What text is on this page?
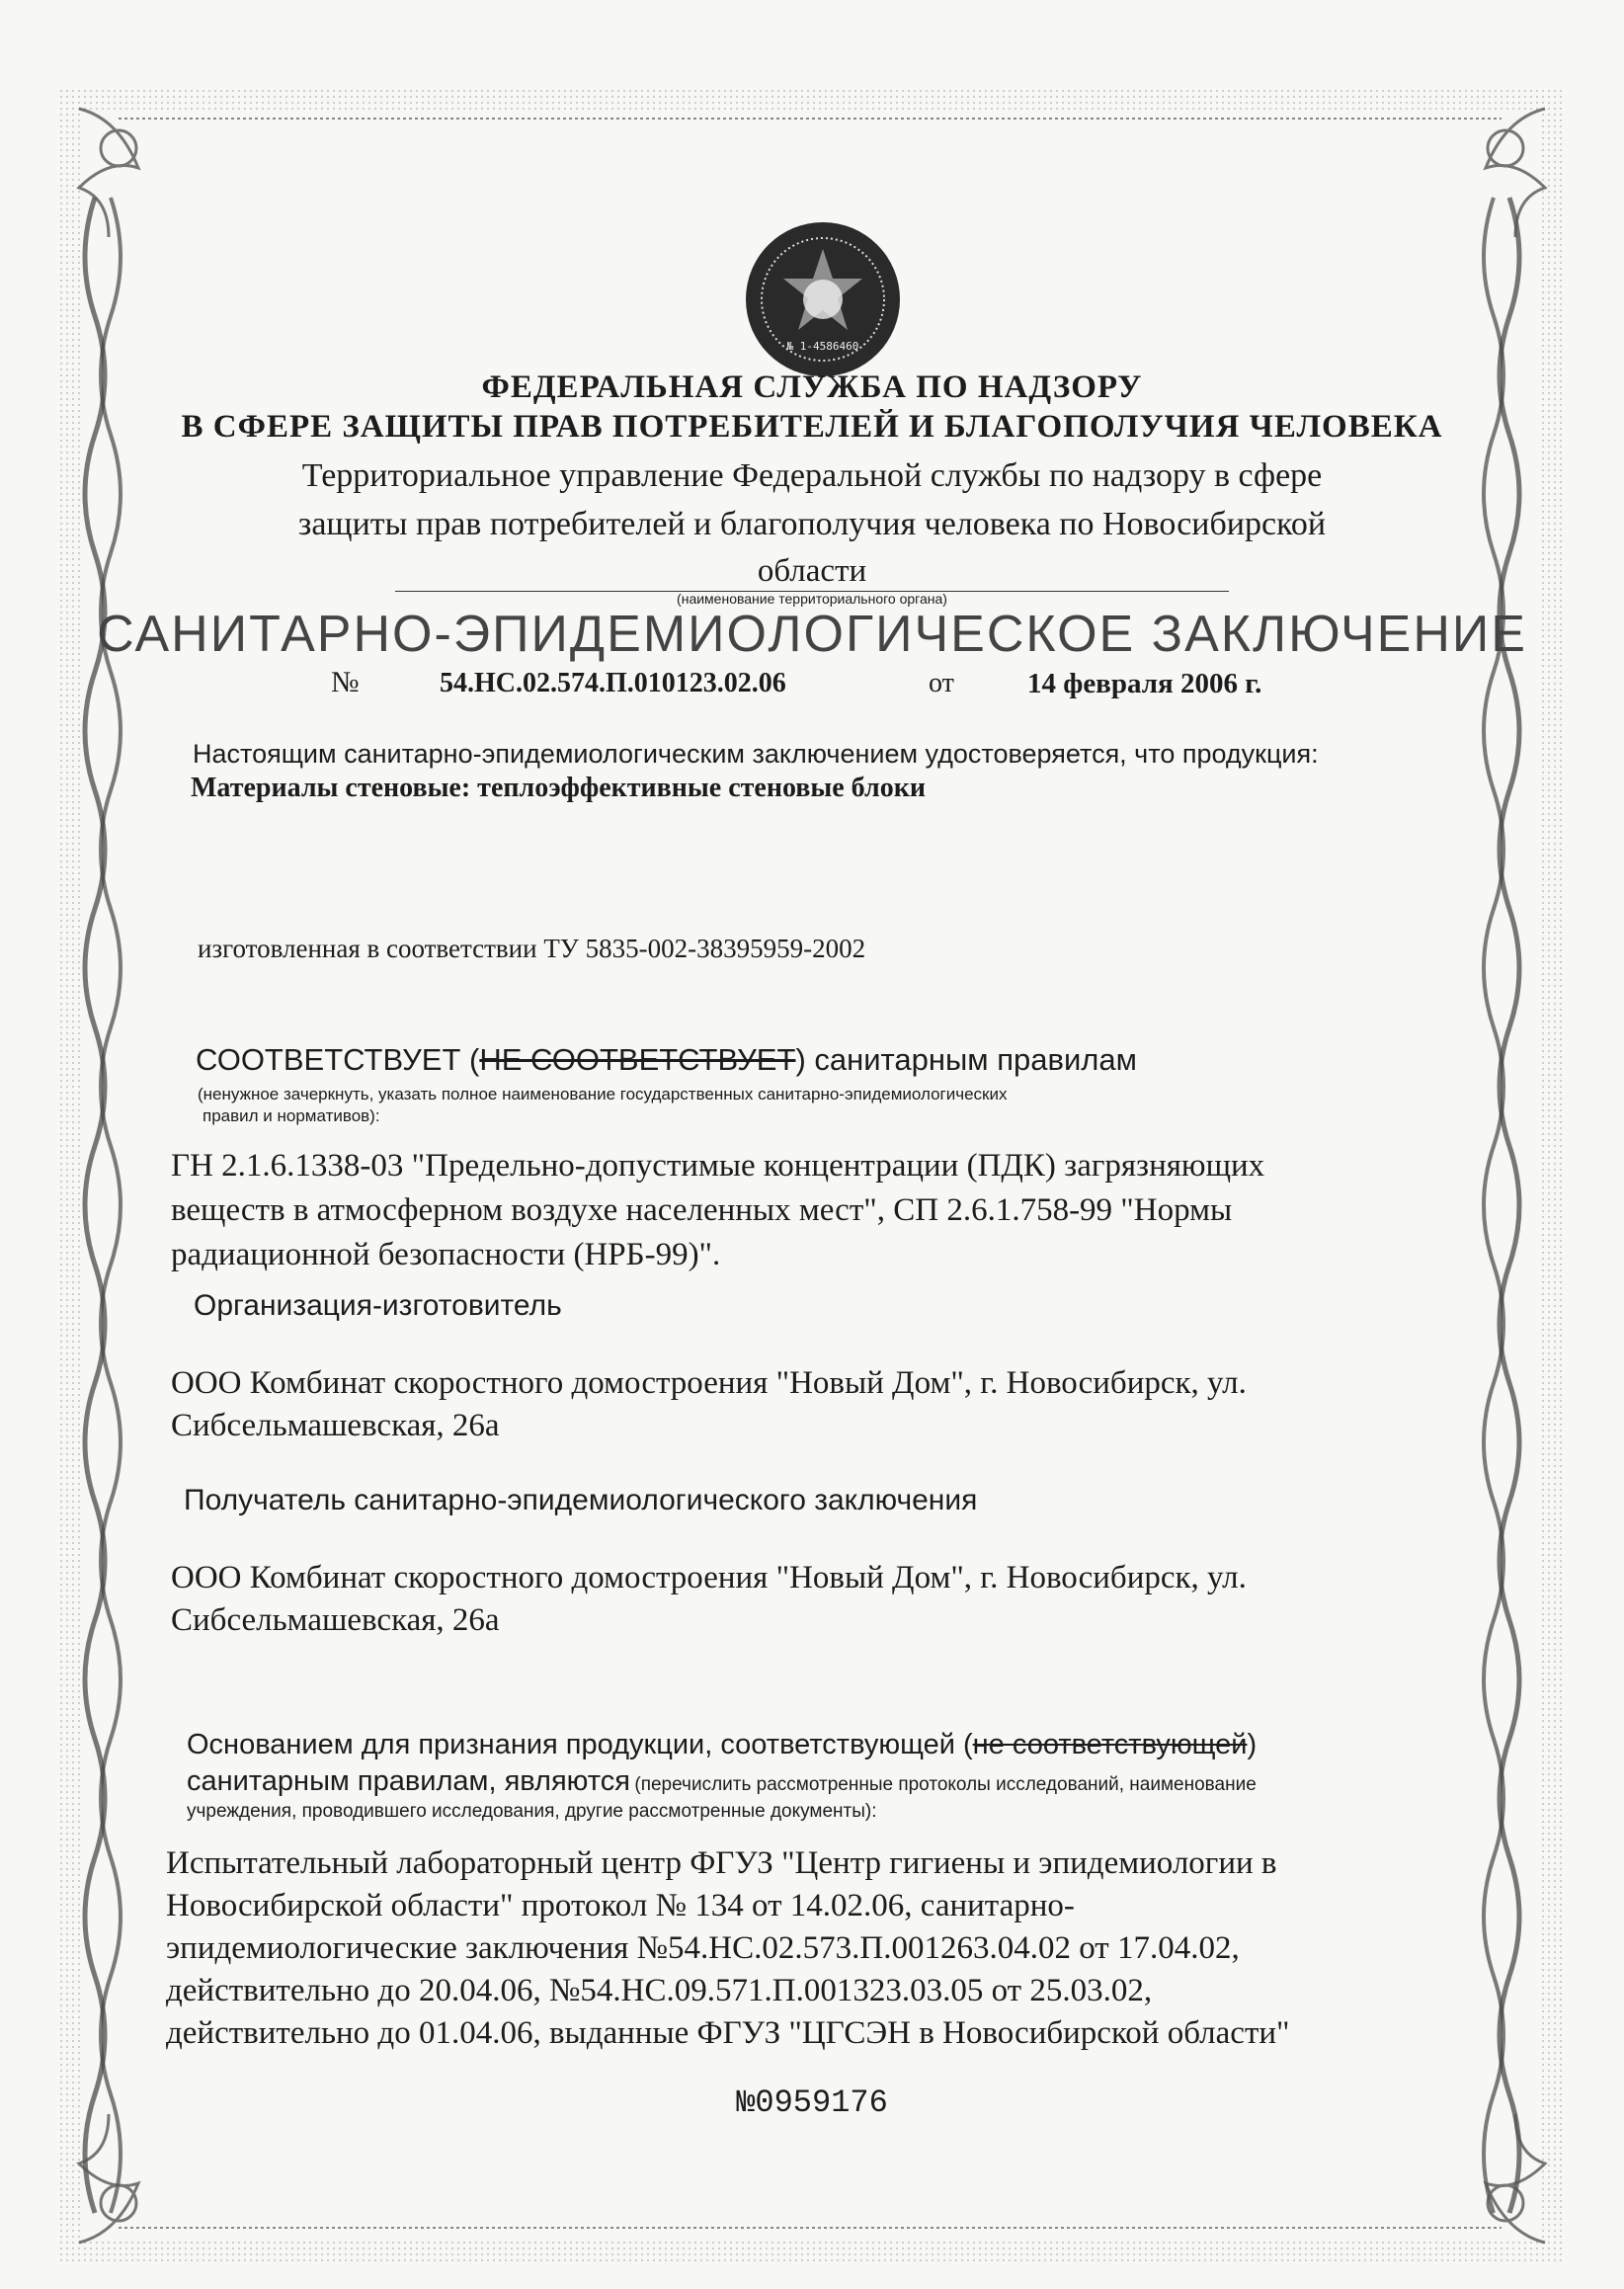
№ 1-4586460
ФЕДЕРАЛЬНАЯ СЛУЖБА ПО НАДЗОРУ
В СФЕРЕ ЗАЩИТЫ ПРАВ ПОТРЕБИТЕЛЕЙ И БЛАГОПОЛУЧИЯ ЧЕЛОВЕКА
Территориальное управление Федеральной службы по надзору в сфере
защиты прав потребителей и благополучия человека по Новосибирской
области
(наименование территориального органа)
САНИТАРНО-ЭПИДЕМИОЛОГИЧЕСКОЕ ЗАКЛЮЧЕНИЕ
№	54.НС.02.574.П.010123.02.06	от	14 февраля 2006 г.
Настоящим санитарно-эпидемиологическим заключением удостоверяется, что продукция:
Материалы стеновые: теплоэффективные стеновые блоки
изготовленная в соответствии ТУ 5835-002-38395959-2002
СООТВЕТСТВУЕТ (НЕ СООТВЕТСТВУЕТ) санитарным правилам
(ненужное зачеркнуть, указать полное наименование государственных санитарно-эпидемиологических
правил и нормативов):
ГН 2.1.6.1338-03 "Предельно-допустимые концентрации (ПДК) загрязняющих
веществ в атмосферном воздухе населенных мест", СП 2.6.1.758-99 "Нормы
радиационной безопасности (НРБ-99)".
Организация-изготовитель
ООО Комбинат скоростного домостроения "Новый Дом", г. Новосибирск, ул.
Сибсельмашевская, 26а
Получатель санитарно-эпидемиологического заключения
ООО Комбинат скоростного домостроения "Новый Дом", г. Новосибирск, ул.
Сибсельмашевская, 26а
Основанием для признания продукции, соответствующей (не соответствующей)
санитарным правилам, являются (перечислить рассмотренные протоколы исследований, наименование
учреждения, проводившего исследования, другие рассмотренные документы):
Испытательный лабораторный центр ФГУЗ "Центр гигиены и эпидемиологии в
Новосибирской области" протокол № 134 от 14.02.06, санитарно-
эпидемиологические заключения №54.НС.02.573.П.001263.04.02 от 17.04.02,
действительно до 20.04.06, №54.НС.09.571.П.001323.03.05 от 25.03.02,
действительно до 01.04.06, выданные ФГУЗ "ЦГСЭН в Новосибирской области"
№0959176
